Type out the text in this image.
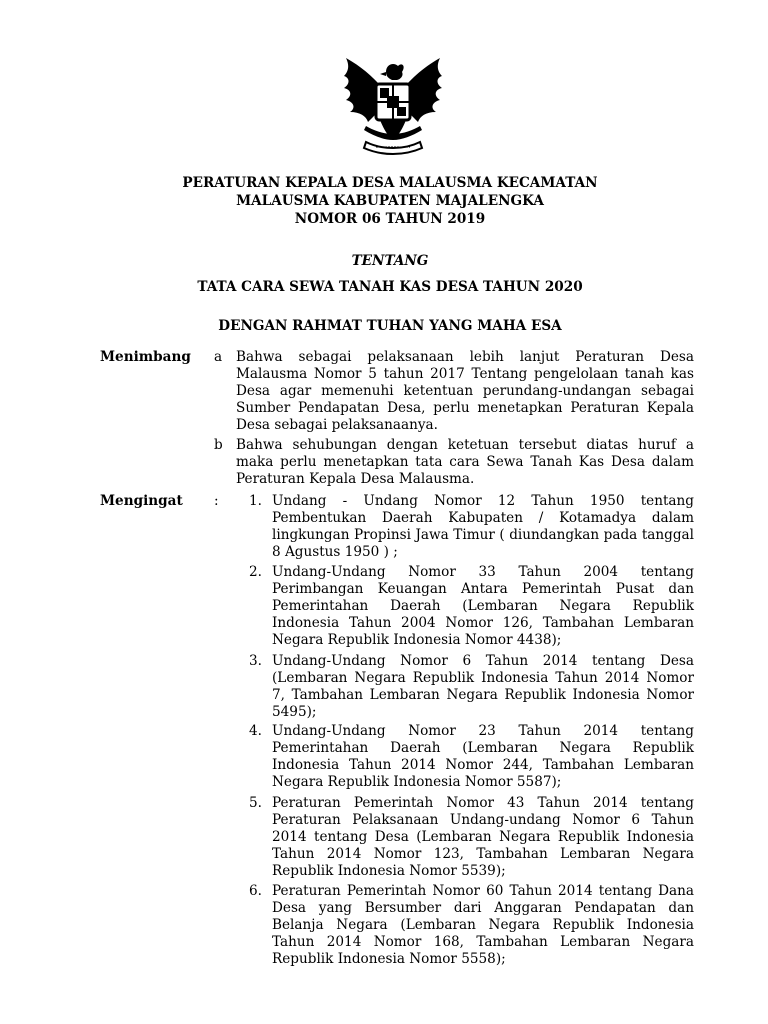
PERATURAN KEPALA DESA MALAUSMA KECAMATAN

MALAUSMA KABUPATEN MAJALENGKA

NOMOR 06 TAHUN 2019

TENTANG

TATA CARA SEWA TANAH KAS DESA TAHUN 2020

DENGAN RAHMAT TUHAN YANG MAHA ESA

Menimbang a Bahwa sebagai pelaksanaan lebih lanjut Peraturan Desa Malausma Nomor 5 tahun 2017 Tentang pengelolaan tanah kas Desa agar memenuhi ketentuan perundang-undangan sebagai Sumber Pendapatan Desa, perlu menetapkan Peraturan Kepala Desa sebagai pelaksanaanya.

b Bahwa sehubungan dengan ketetuan tersebut diatas huruf a maka perlu menetapkan tata cara Sewa Tanah Kas Desa dalam Peraturan Kepala Desa Malausma.

Mengingat :	1. Undang - Undang Nomor 12 Tahun 1950 tentang Pembentukan Daerah Kabupaten / Kotamadya dalam lingkungan Propinsi Jawa Timur ( diundangkan pada tanggal 8 Agustus 1950 ) ;

2. Undang-Undang Nomor 33 Tahun 2004 tentang Perimbangan Keuangan Antara Pemerintah Pusat dan Pemerintahan Daerah (Lembaran Negara Republik Indonesia Tahun 2004 Nomor 126, Tambahan Lembaran Negara Republik Indonesia Nomor 4438);

3. Undang-Undang Nomor 6 Tahun 2014 tentang Desa (Lembaran Negara Republik Indonesia Tahun 2014 Nomor 7, Tambahan Lembaran Negara Republik Indonesia Nomor 5495);

4. Undang-Undang Nomor 23 Tahun 2014 tentang Pemerintahan Daerah (Lembaran Negara Republik Indonesia Tahun 2014 Nomor 244, Tambahan Lembaran Negara Republik Indonesia Nomor 5587);

5. Peraturan Pemerintah Nomor 43 Tahun 2014 tentang Peraturan Pelaksanaan Undang-undang Nomor 6 Tahun 2014 tentang Desa (Lembaran Negara Republik Indonesia Tahun 2014 Nomor 123, Tambahan Lembaran Negara Republik Indonesia Nomor 5539);

6. Peraturan Pemerintah Nomor 60 Tahun 2014 tentang Dana Desa yang Bersumber dari Anggaran Pendapatan dan Belanja Negara (Lembaran Negara Republik Indonesia Tahun 2014 Nomor 168, Tambahan Lembaran Negara Republik Indonesia Nomor 5558);
